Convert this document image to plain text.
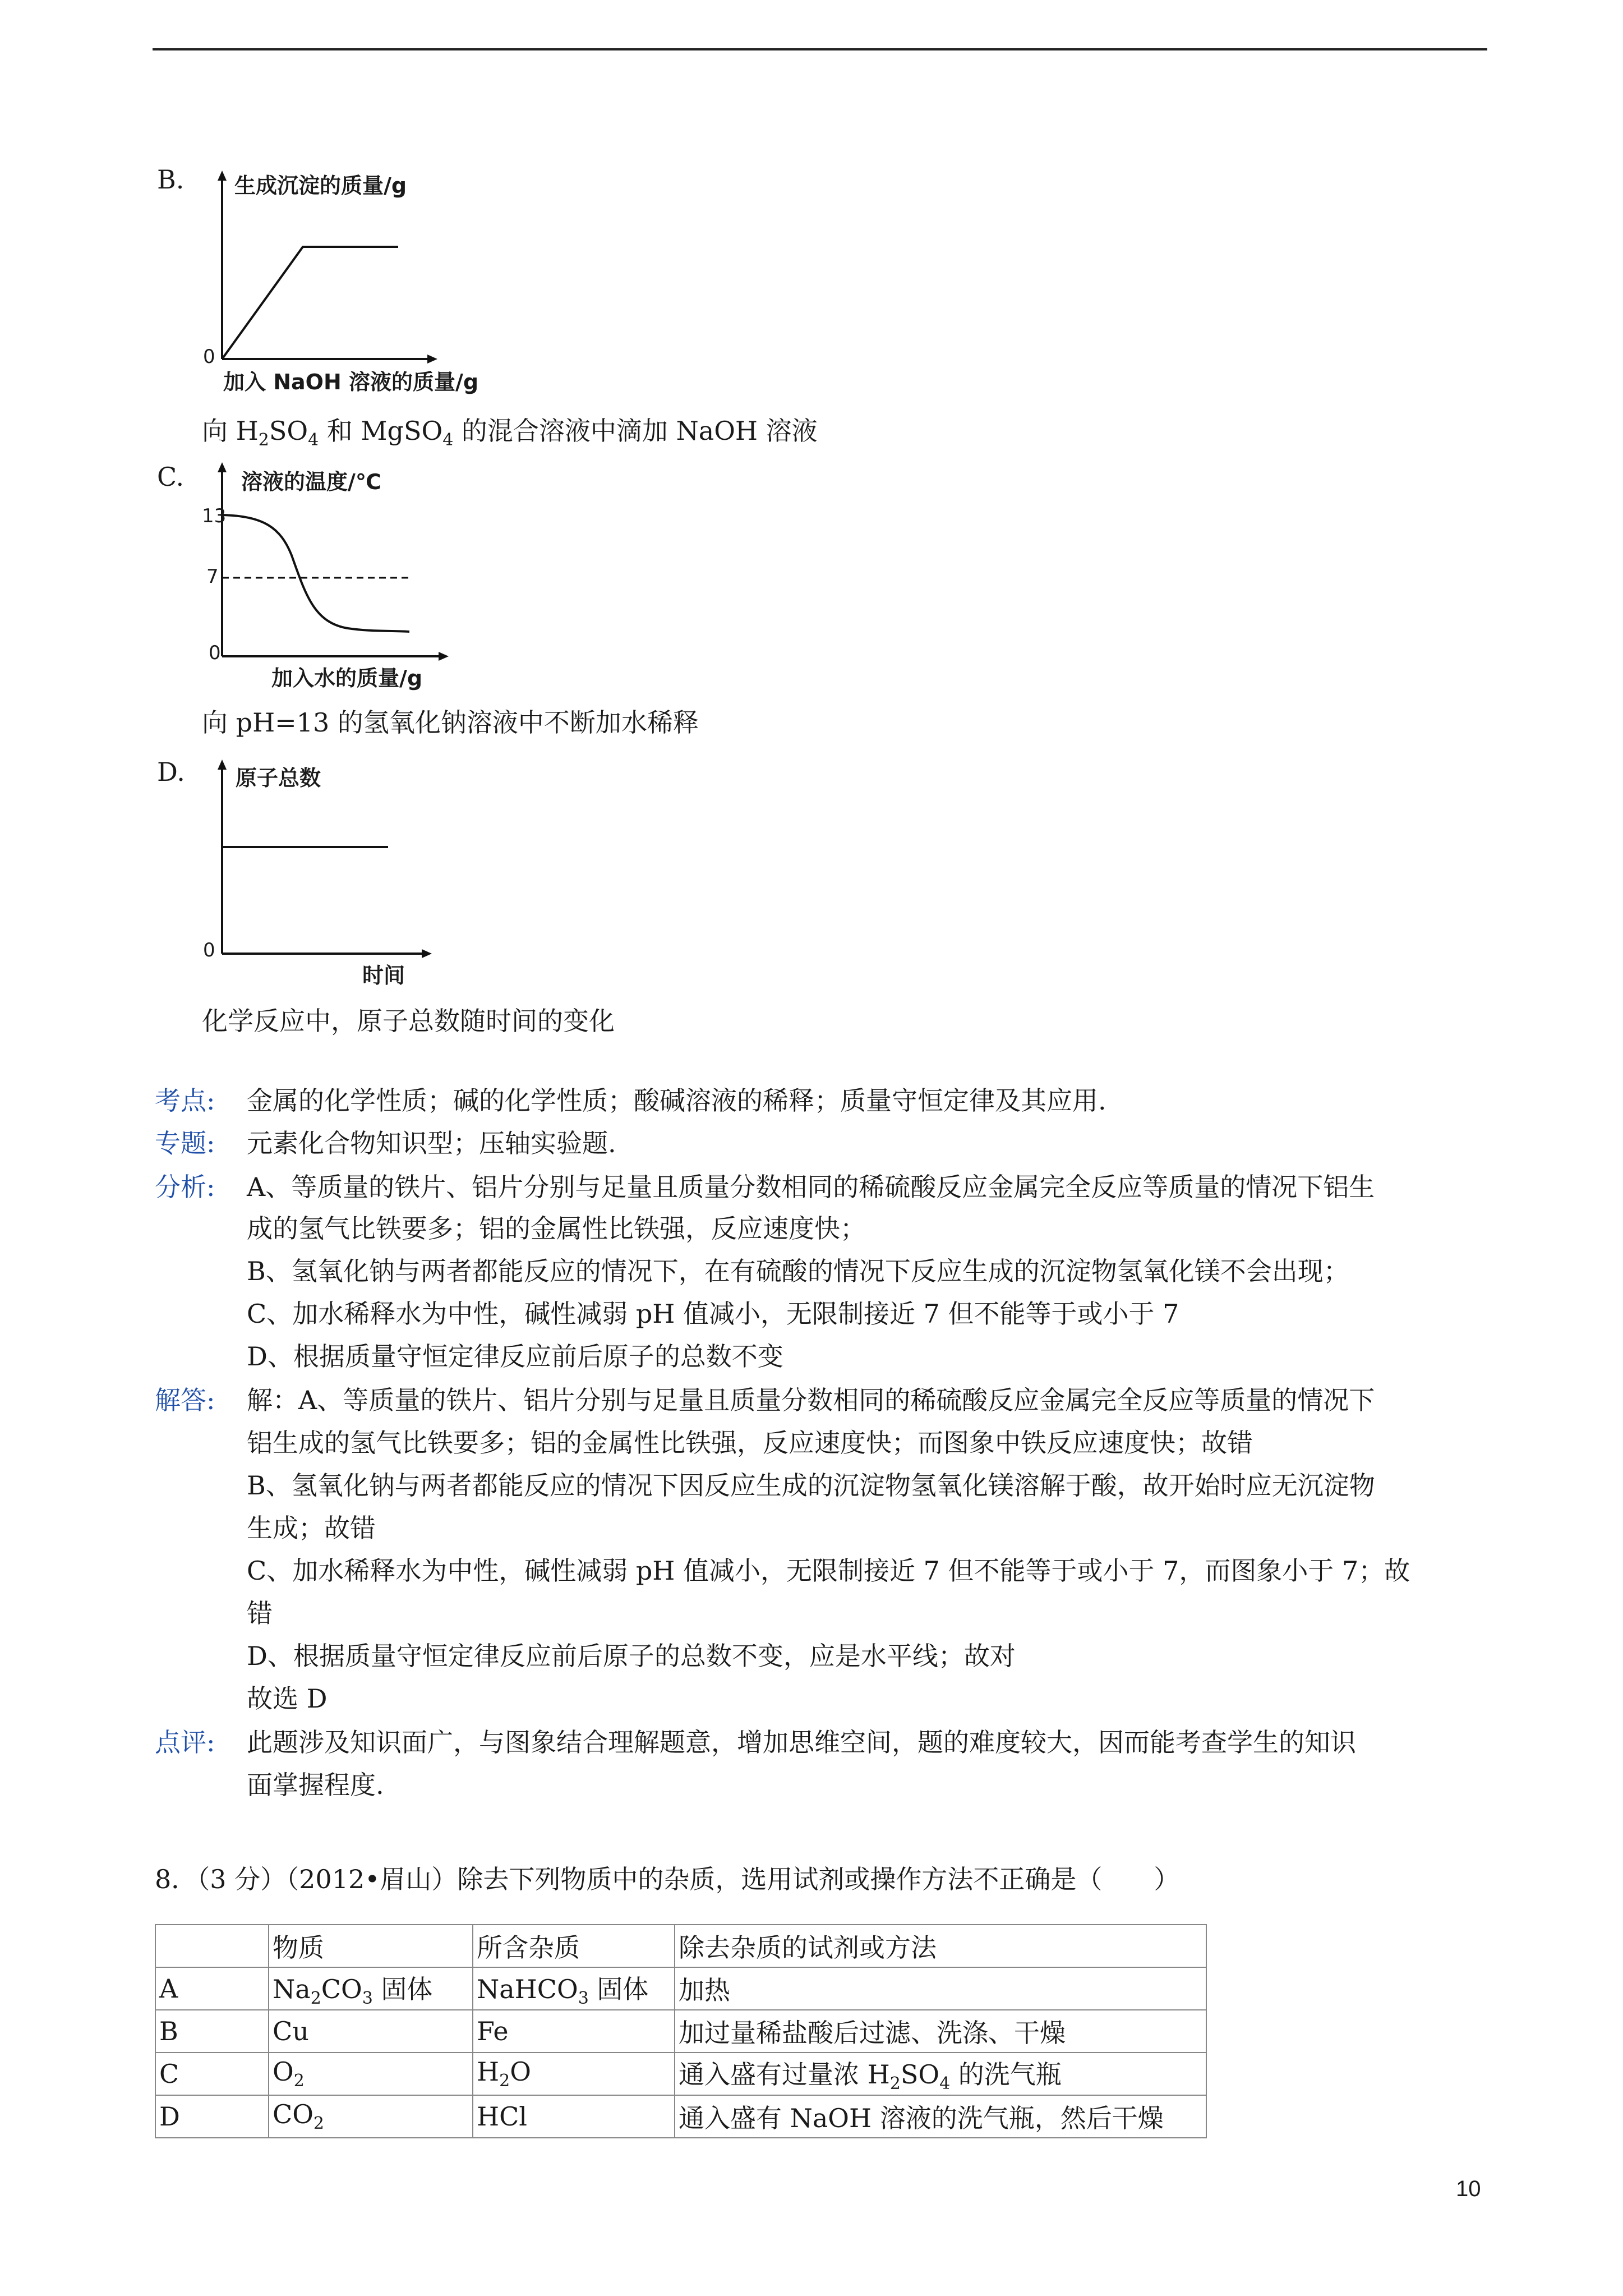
B. 生成沉淀的质量/g
0
加入 NaOH 溶液的质量/g
向 $H_2SO_4$ 和 MgSO$_4$ 的混合溶液中滴加 NaOH 溶液
C.	溶液的温度/℃
13
7
0
加入水的质量/g
向 pH=13 的氢氧化钠溶液中不断加水稀释
D. 原子总数
0
时间
化学反应中，原子总数随时间的变化
考点: 金属的化学性质；碱的化学性质；酸碱溶液的稀释；质量守恒定律及其应用.
专题: 元素化合物知识型；压轴实验题.
分析: A、等质量的铁片、铝片分别与足量且质量分数相同的稀硫酸反应金属完全反应等质量的情况下铝生
成的氢气比铁要多；铝的金属性比铁强，反应速度快；
B、氢氧化钠与两者都能反应的情况下，在有硫酸的情况下反应生成的沉淀物氢氧化镁不会出现；
C、加水稀释水为中性，碱性减弱 pH 值减小，无限制接近 7 但不能等于或小于 7
D、根据质量守恒定律反应前后原子的总数不变
解答: 解：A、等质量的铁片、铝片分别与足量且质量分数相同的稀硫酸反应金属完全反应等质量的情况下
铝生成的氢气比铁要多；铝的金属性比铁强，反应速度快；而图象中铁反应速度快；故错
B、氢氧化钠与两者都能反应的情况下因反应生成的沉淀物氢氧化镁溶解于酸，故开始时应无沉淀物
生成；故错
C、加水稀释水为中性，碱性减弱 pH 值减小，无限制接近 7 但不能等于或小于 7，而图象小于 7；故
错
D、根据质量守恒定律反应前后原子的总数不变，应是水平线；故对
故选 D
点评: 此题涉及知识面广，与图象结合理解题意，增加思维空间，题的难度较大，因而能考查学生的知识
面掌握程度.
8．（3 分）（2012•眉山）除去下列物质中的杂质，选用试剂或操作方法不正确是（　　）
	物质	所含杂质	除去杂质的试剂或方法
A	$Na_2CO_3$ 固体	NaHCO$_3$ 固体	加热
B	Cu	Fe	加过量稀盐酸后过滤、洗涤、干燥
C	$O_2$	$H_2O$	通入盛有过量浓 $H_2SO_4$ 的洗气瓶
D	$CO_2$	HCl	通入盛有 NaOH 溶液的洗气瓶，然后干燥
10
